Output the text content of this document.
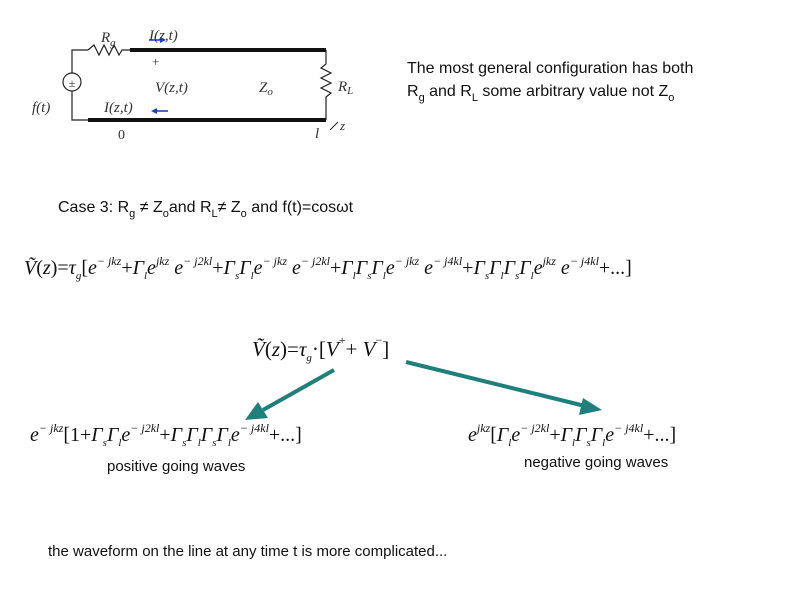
±
$R_g$ I(z,t)
+
V(z,t)	$Z_o$	$R_L$
f(t)	I(z,t)
0	l
z
The most general configuration has both
$R_g$ and $R_L$ some arbitrary value not $Z_o$
Case 3: $R_g \ne Z_oand$ $R_L\ne Z_o$ and f(t)=cosωt
$Ṽ(z)=\tau_g[e^{- jkz}+\Gamma_le^{jkz}$ $e^{- j2kl}+\Gamma_s\Gamma_le^{- jkz}$ $e^{- j2kl}+\Gamma_l\Gamma_s\Gamma_le^{- jkz}$ $e^{- j4kl}+\Gamma_s\Gamma_l\Gamma_s\Gamma_le^{jkz}$ $e^{- j4kl}+$...]
$Ṽ(z)=\tau_g\cdot[V^++ V^-]$
$e^{- jkz}[1+\Gamma_s\Gamma_le^{- j2kl}+\Gamma_s\Gamma_l\Gamma_s\Gamma_le^{- j4kl}+...]$
positive going waves
$e^{jkz}[\Gamma_le^{- j2kl}+\Gamma_l\Gamma_s\Gamma_le^{- j4kl}+...]$
negative going waves
the waveform on the line at any time t is more complicated...
